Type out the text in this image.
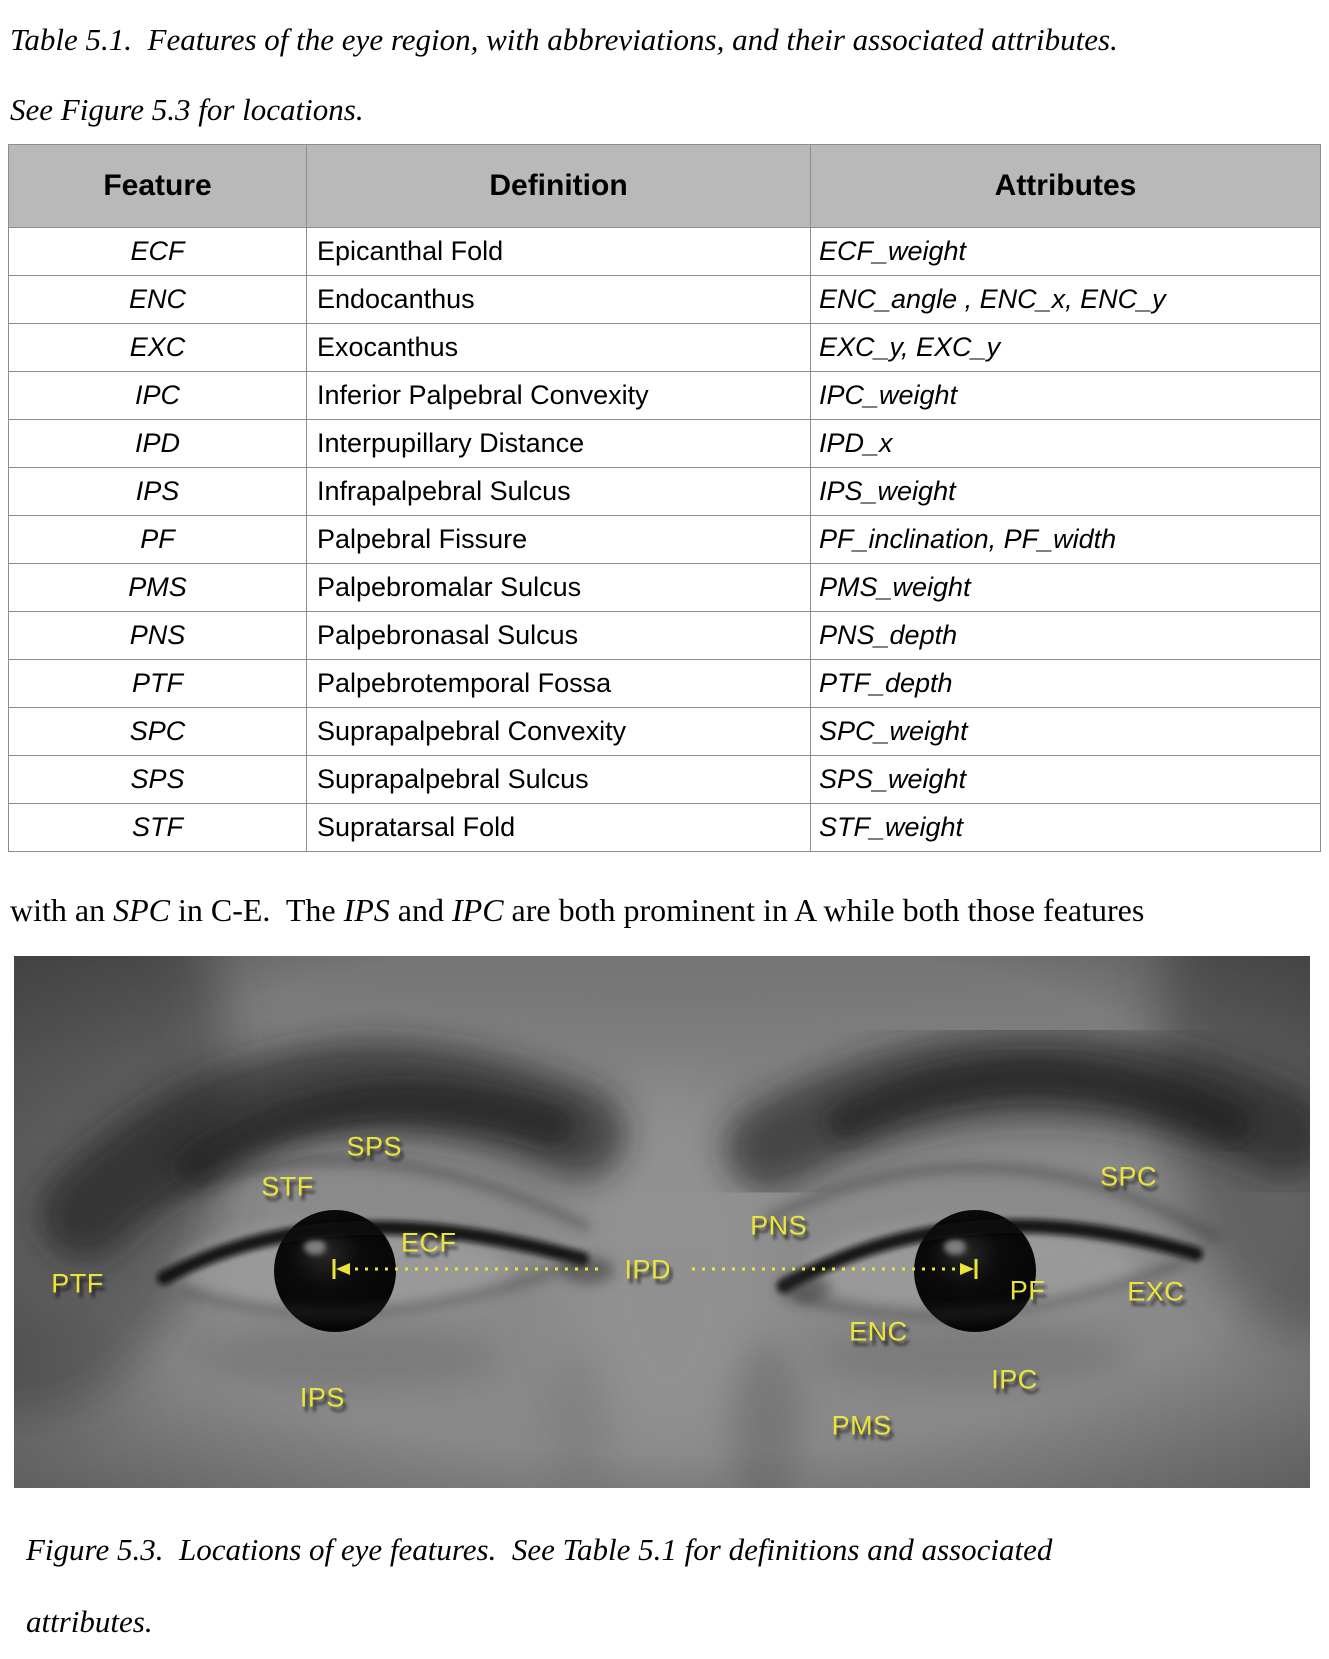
Table 5.1.  Features of the eye region, with abbreviations, and their associated attributes.
See Figure 5.3 for locations.
Feature	Definition	Attributes
ECF	Epicanthal Fold	ECF_weight
ENC	Endocanthus	ENC_angle , ENC_x, ENC_y
EXC	Exocanthus	EXC_y, EXC_y
IPC	Inferior Palpebral Convexity	IPC_weight
IPD	Interpupillary Distance	IPD_x
IPS	Infrapalpebral Sulcus	IPS_weight
PF	Palpebral Fissure	PF_inclination, PF_width
PMS	Palpebromalar Sulcus	PMS_weight
PNS	Palpebronasal Sulcus	PNS_depth
PTF	Palpebrotemporal Fossa	PTF_depth
SPC	Suprapalpebral Convexity	SPC_weight
SPS	Suprapalpebral Sulcus	SPS_weight
STF	Supratarsal Fold	STF_weight

with an SPC in C-E.  The IPS and IPC are both prominent in A while both those features

SPS
STF
ECF
PTF
IPS
PNS
IPD
ENC
PF	EXC
SPC
IPC
PMS
Figure 5.3.  Locations of eye features.  See Table 5.1 for definitions and associated
attributes.
